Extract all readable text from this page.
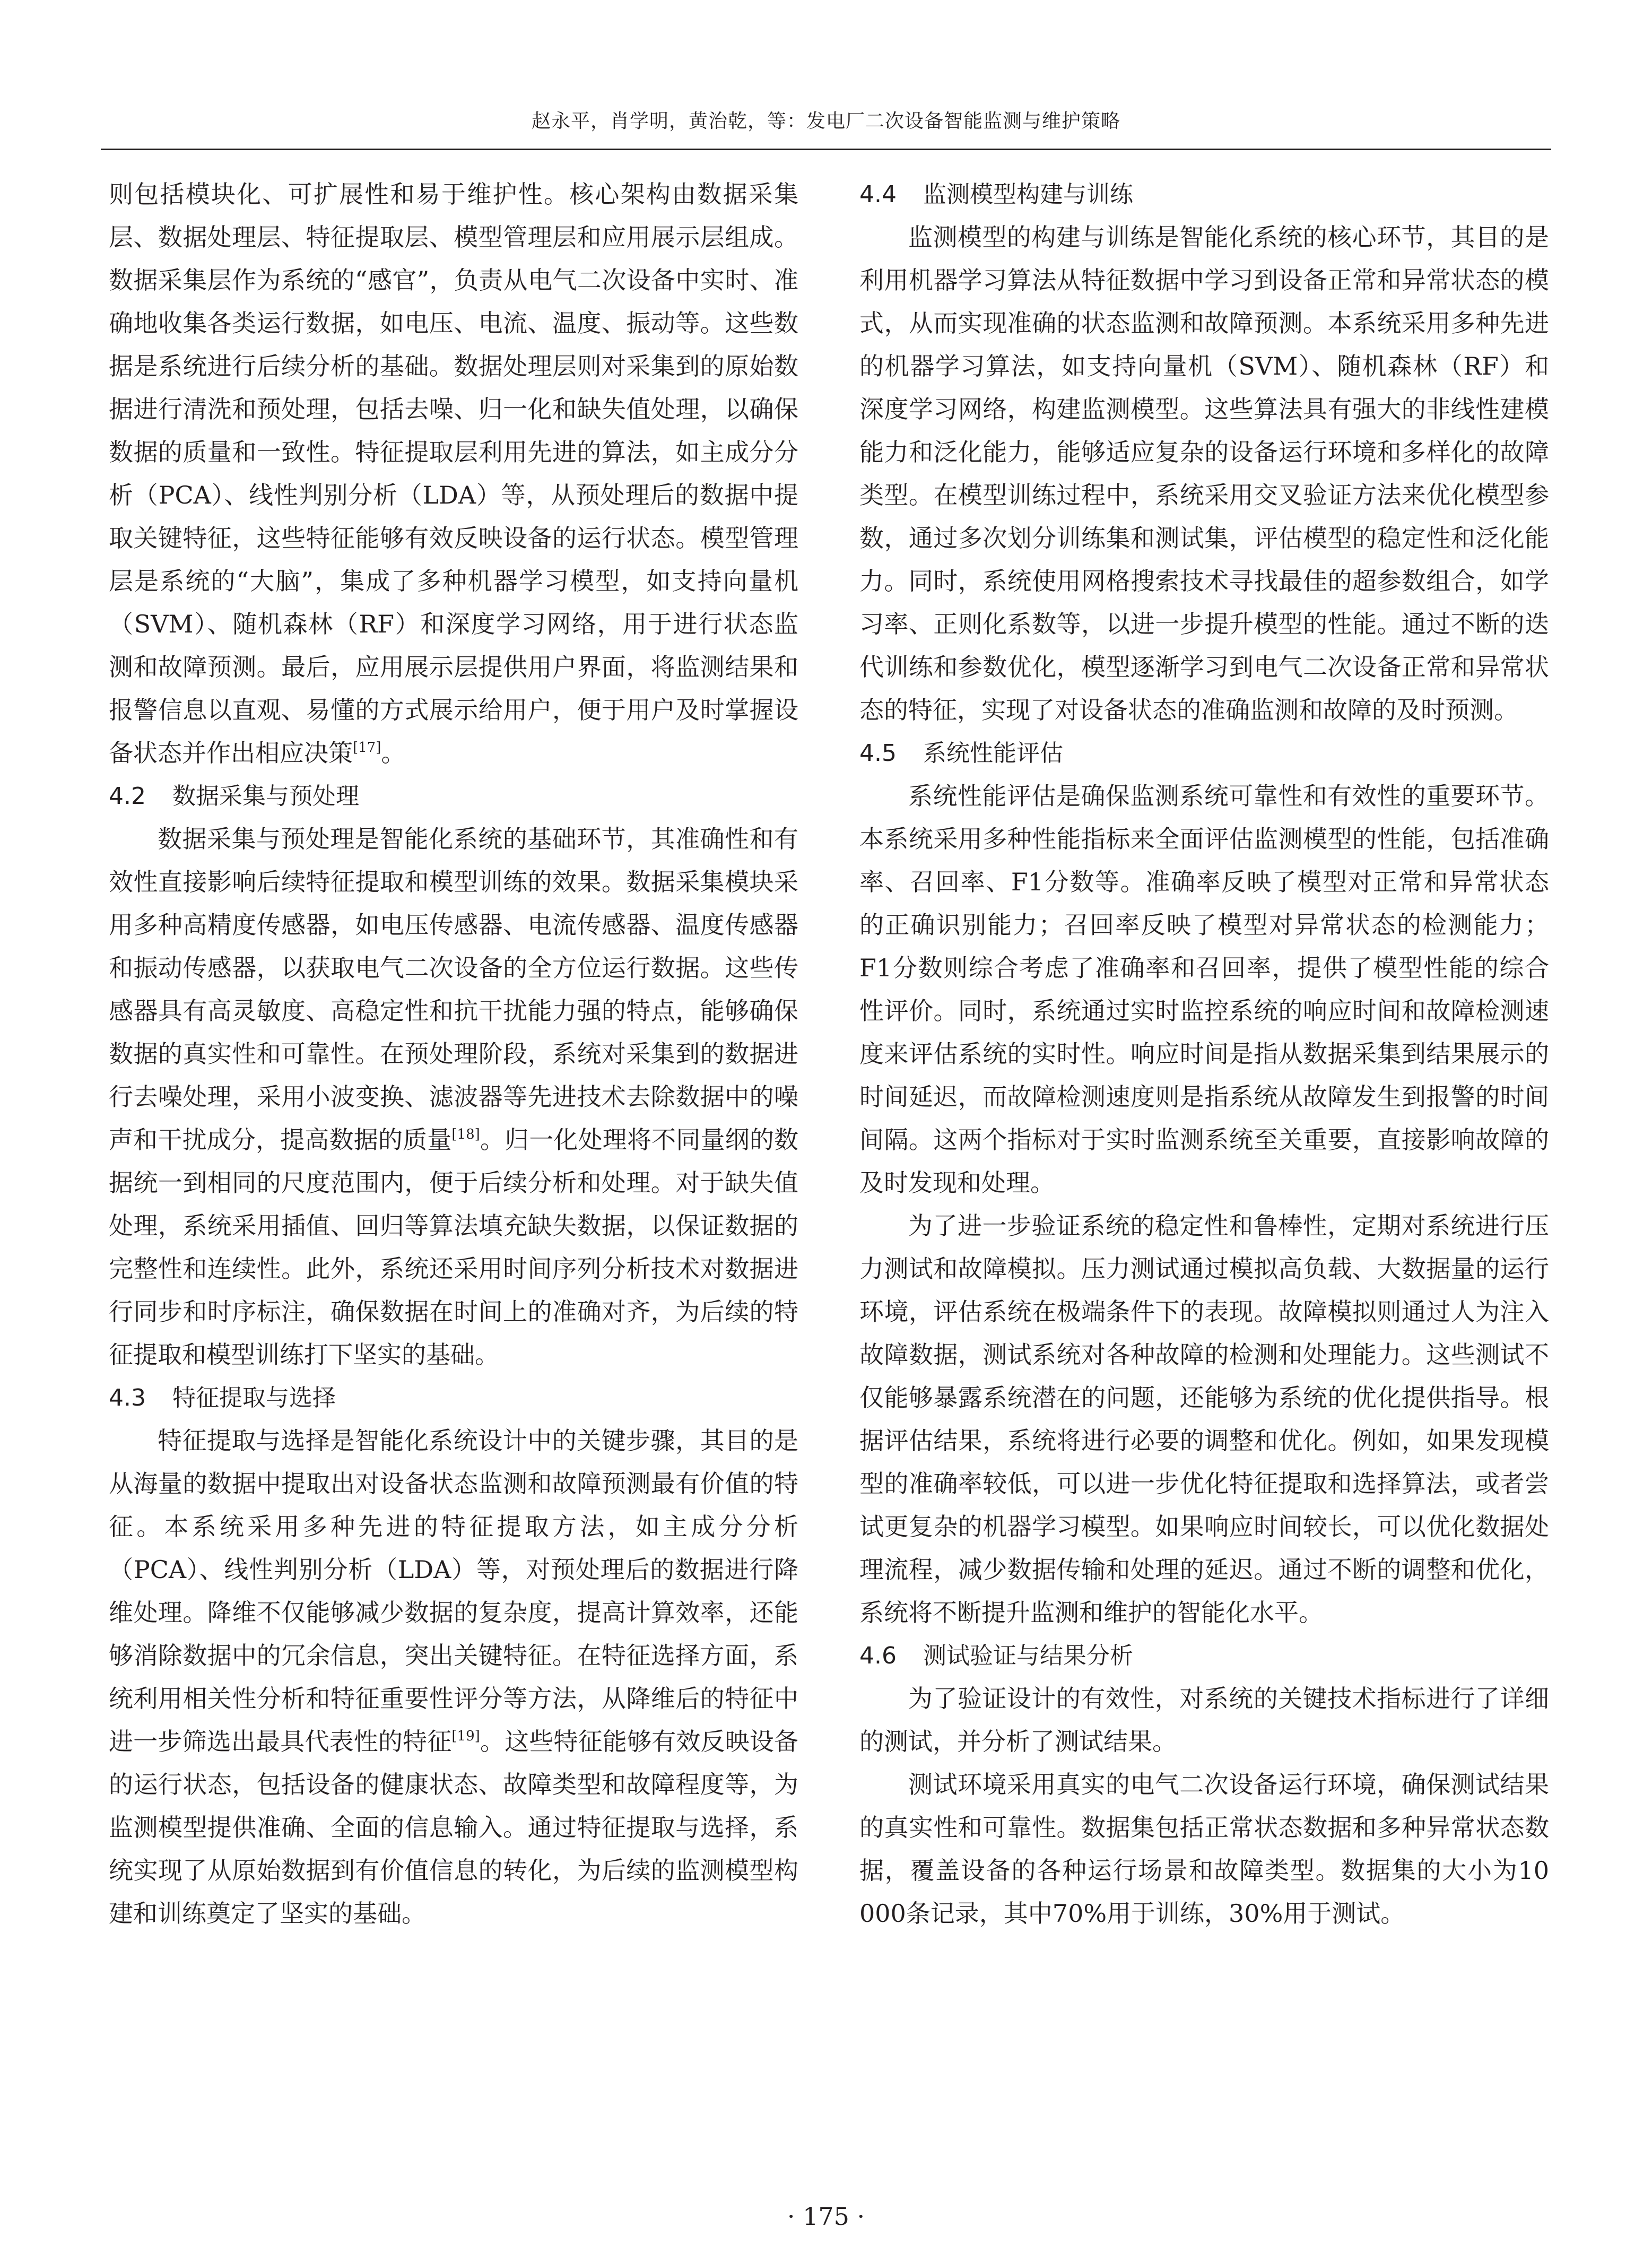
赵永平，肖学明，黄治乾，等：发电厂二次设备智能监测与维护策略

则包括模块化、可扩展性和易于维护性。核心架构由数据采集层、数据处理层、特征提取层、模型管理层和应用展示层组成。数据采集层作为系统的“感官”，负责从电气二次设备中实时、准确地收集各类运行数据，如电压、电流、温度、振动等。这些数据是系统进行后续分析的基础。数据处理层则对采集到的原始数据进行清洗和预处理，包括去噪、归一化和缺失值处理，以确保数据的质量和一致性。特征提取层利用先进的算法，如主成分分析（PCA）、线性判别分析（LDA）等，从预处理后的数据中提取关键特征，这些特征能够有效反映设备的运行状态。模型管理层是系统的“大脑”，集成了多种机器学习模型，如支持向量机（SVM）、随机森林（RF）和深度学习网络，用于进行状态监测和故障预测。最后，应用展示层提供用户界面，将监测结果和报警信息以直观、易懂的方式展示给用户，便于用户及时掌握设备状态并作出相应决策[17]。

4.2 数据采集与预处理

数据采集与预处理是智能化系统的基础环节，其准确性和有效性直接影响后续特征提取和模型训练的效果。数据采集模块采用多种高精度传感器，如电压传感器、电流传感器、温度传感器和振动传感器，以获取电气二次设备的全方位运行数据。这些传感器具有高灵敏度、高稳定性和抗干扰能力强的特点，能够确保数据的真实性和可靠性。在预处理阶段，系统对采集到的数据进行去噪处理，采用小波变换、滤波器等先进技术去除数据中的噪声和干扰成分，提高数据的质量[18]。归一化处理将不同量纲的数据统一到相同的尺度范围内，便于后续分析和处理。对于缺失值处理，系统采用插值、回归等算法填充缺失数据，以保证数据的完整性和连续性。此外，系统还采用时间序列分析技术对数据进行同步和时序标注，确保数据在时间上的准确对齐，为后续的特征提取和模型训练打下坚实的基础。

4.3 特征提取与选择

特征提取与选择是智能化系统设计中的关键步骤，其目的是从海量的数据中提取出对设备状态监测和故障预测最有价值的特征。本系统采用多种先进的特征提取方法，如主成分分析（PCA）、线性判别分析（LDA）等，对预处理后的数据进行降维处理。降维不仅能够减少数据的复杂度，提高计算效率，还能够消除数据中的冗余信息，突出关键特征。在特征选择方面，系统利用相关性分析和特征重要性评分等方法，从降维后的特征中进一步筛选出最具代表性的特征[19]。这些特征能够有效反映设备的运行状态，包括设备的健康状态、故障类型和故障程度等，为监测模型提供准确、全面的信息输入。通过特征提取与选择，系统实现了从原始数据到有价值信息的转化，为后续的监测模型构建和训练奠定了坚实的基础。

4.4 监测模型构建与训练

监测模型的构建与训练是智能化系统的核心环节，其目的是利用机器学习算法从特征数据中学习到设备正常和异常状态的模式，从而实现准确的状态监测和故障预测。本系统采用多种先进的机器学习算法，如支持向量机（SVM）、随机森林（RF）和深度学习网络，构建监测模型。这些算法具有强大的非线性建模能力和泛化能力，能够适应复杂的设备运行环境和多样化的故障类型。在模型训练过程中，系统采用交叉验证方法来优化模型参数，通过多次划分训练集和测试集，评估模型的稳定性和泛化能力。同时，系统使用网格搜索技术寻找最佳的超参数组合，如学习率、正则化系数等，以进一步提升模型的性能。通过不断的迭代训练和参数优化，模型逐渐学习到电气二次设备正常和异常状态的特征，实现了对设备状态的准确监测和故障的及时预测。

4.5 系统性能评估

系统性能评估是确保监测系统可靠性和有效性的重要环节。本系统采用多种性能指标来全面评估监测模型的性能，包括准确率、召回率、F1分数等。准确率反映了模型对正常和异常状态的正确识别能力；召回率反映了模型对异常状态的检测能力；F1分数则综合考虑了准确率和召回率，提供了模型性能的综合性评价。同时，系统通过实时监控系统的响应时间和故障检测速度来评估系统的实时性。响应时间是指从数据采集到结果展示的时间延迟，而故障检测速度则是指系统从故障发生到报警的时间间隔。这两个指标对于实时监测系统至关重要，直接影响故障的及时发现和处理。

为了进一步验证系统的稳定性和鲁棒性，定期对系统进行压力测试和故障模拟。压力测试通过模拟高负载、大数据量的运行环境，评估系统在极端条件下的表现。故障模拟则通过人为注入故障数据，测试系统对各种故障的检测和处理能力。这些测试不仅能够暴露系统潜在的问题，还能够为系统的优化提供指导。根据评估结果，系统将进行必要的调整和优化。例如，如果发现模型的准确率较低，可以进一步优化特征提取和选择算法，或者尝试更复杂的机器学习模型。如果响应时间较长，可以优化数据处理流程，减少数据传输和处理的延迟。通过不断的调整和优化，系统将不断提升监测和维护的智能化水平。

4.6 测试验证与结果分析

为了验证设计的有效性，对系统的关键技术指标进行了详细的测试，并分析了测试结果。

测试环境采用真实的电气二次设备运行环境，确保测试结果的真实性和可靠性。数据集包括正常状态数据和多种异常状态数据，覆盖设备的各种运行场景和故障类型。数据集的大小为10 000条记录，其中70%用于训练，30%用于测试。

· 175 ·
